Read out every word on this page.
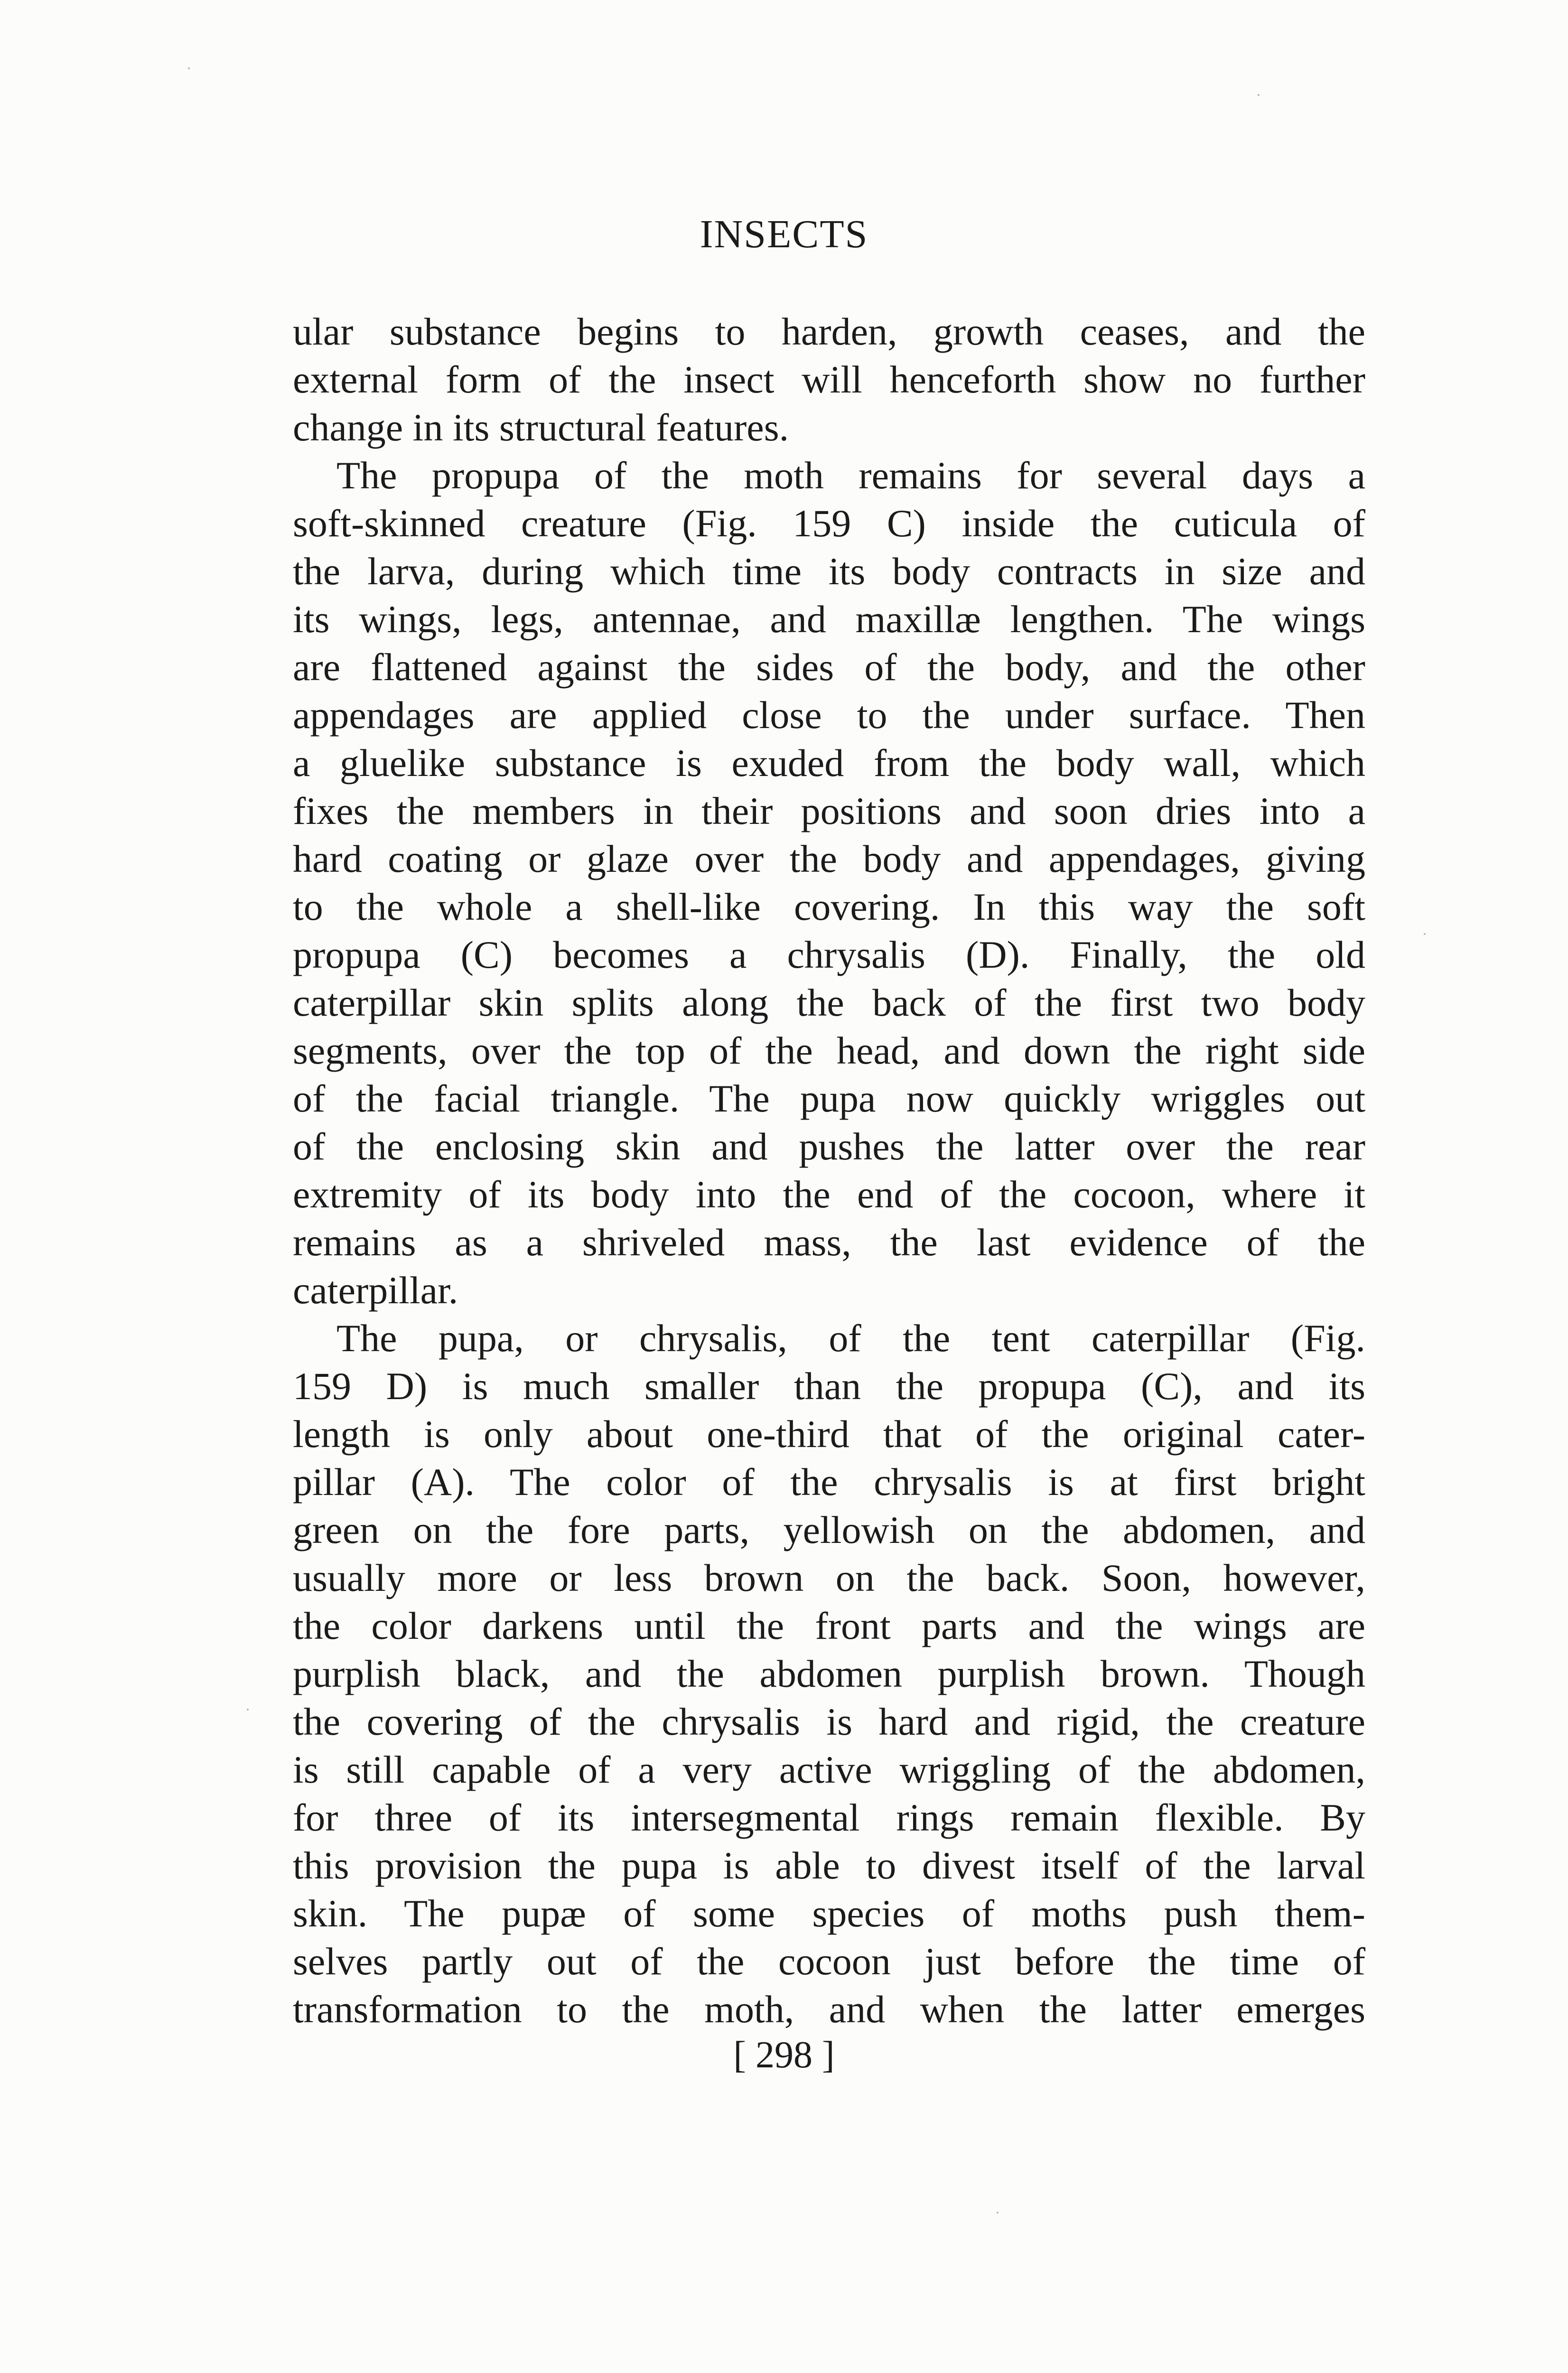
INSECTS
ular substance begins to harden, growth ceases, and the
external form of the insect will henceforth show no further
change in its structural features.
The propupa of the moth remains for several days a
soft-skinned creature (Fig. 159 C) inside the cuticula of
the larva, during which time its body contracts in size and
its wings, legs, antennae, and maxillæ lengthen. The wings
are flattened against the sides of the body, and the other
appendages are applied close to the under surface. Then
a gluelike substance is exuded from the body wall, which
fixes the members in their positions and soon dries into a
hard coating or glaze over the body and appendages, giving
to the whole a shell-like covering. In this way the soft
propupa (C) becomes a chrysalis (D). Finally, the old
caterpillar skin splits along the back of the first two body
segments, over the top of the head, and down the right side
of the facial triangle. The pupa now quickly wriggles out
of the enclosing skin and pushes the latter over the rear
extremity of its body into the end of the cocoon, where it
remains as a shriveled mass, the last evidence of the
caterpillar.
The pupa, or chrysalis, of the tent caterpillar (Fig.
159 D) is much smaller than the propupa (C), and its
length is only about one-third that of the original cater-
pillar (A). The color of the chrysalis is at first bright
green on the fore parts, yellowish on the abdomen, and
usually more or less brown on the back. Soon, however,
the color darkens until the front parts and the wings are
purplish black, and the abdomen purplish brown. Though
the covering of the chrysalis is hard and rigid, the creature
is still capable of a very active wriggling of the abdomen,
for three of its intersegmental rings remain flexible. By
this provision the pupa is able to divest itself of the larval
skin. The pupæ of some species of moths push them-
selves partly out of the cocoon just before the time of
transformation to the moth, and when the latter emerges
[ 298 ]
